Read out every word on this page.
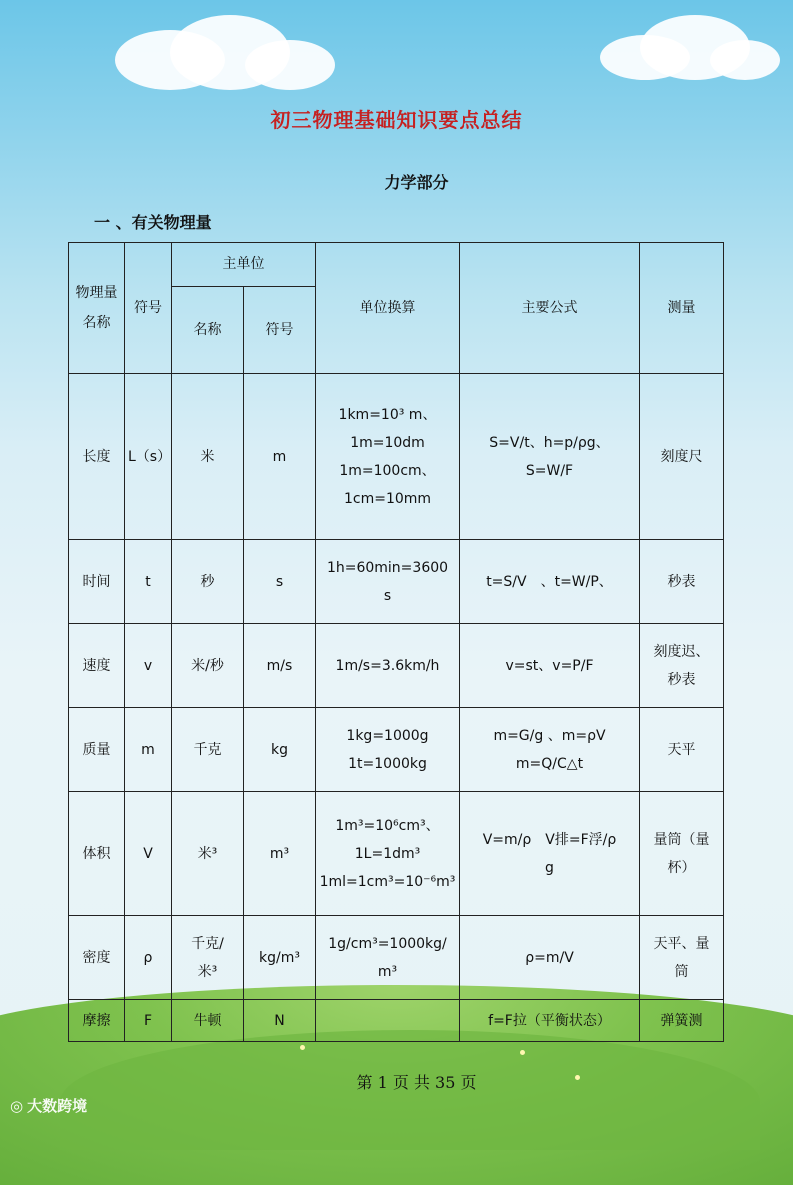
初三物理基础知识要点总结
力学部分
一 、有关物理量
物理量名称	符号	主单位		单位换算	主要公式	测量
		名称	符号			
长度	L（s）	米	m	1km=10³ m、
1m=10dm
1m=100cm、
1cm=10mm	S=V/t、h=p/ρg、
S=W/F	刻度尺
时间	t	秒	s	1h=60min=3600
s	t=S/V　、t=W/P、	秒表
速度	v	米/秒	m/s	1m/s=3.6km/h	v=st、v=P/F	刻度迟、
秒表
质量	m	千克	kg	1kg=1000g
1t=1000kg	m=G/g 、m=ρV
m=Q/C△t	天平
体积	V	米³	m³	1m³=10⁶cm³、
1L=1dm³
1ml=1cm³=10⁻⁶m³	V=m/ρ　V排=F浮/ρ
g	量筒（量
杯）
密度	ρ	千克/
米³	kg/m³	1g/cm³=1000kg/
m³	ρ=m/V	天平、量
筒
摩擦	F	牛顿	N		f=F拉（平衡状态）	弹簧测
第 1 页 共 35 页
◎ 大数跨境
